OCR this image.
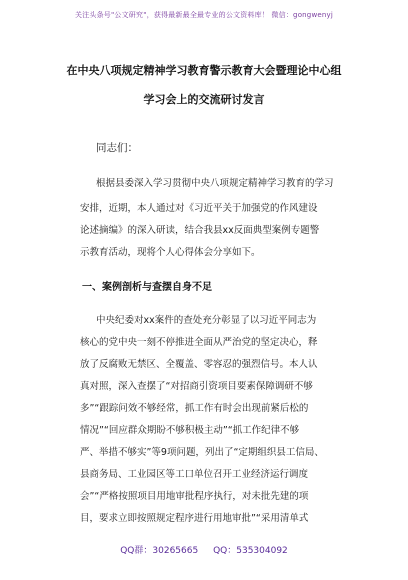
关注头条号"公文研究"，获得最新最全最专业的公文资料库！ 微信：gongwenyj
在中央八项规定精神学习教育警示教育大会暨理论中心组
学习会上的交流研讨发言
同志们：
根据县委深入学习贯彻中央八项规定精神学习教育的学习
安排，近期，本人通过对《习近平关于加强党的作风建设
论述摘编》的深入研读，结合我县xx反面典型案例专题警
示教育活动，现将个人心得体会分享如下。
一、案例剖析与查摆自身不足
中央纪委对xx案件的查处充分彰显了以习近平同志为
核心的党中央一刻不停推进全面从严治党的坚定决心，释
放了反腐败无禁区、全覆盖、零容忍的强烈信号。本人认
真对照，深入查摆了“对招商引资项目要素保障调研不够
多”“跟踪问效不够经常，抓工作有时会出现前紧后松的
情况”“回应群众期盼不够积极主动”“抓工作纪律不够
严、举措不够实”等9项问题，列出了“定期组织县工信局、
县商务局、工业园区等工口单位召开工业经济运行调度
会”“严格按照项目用地审批程序执行，对未批先建的项
目，要求立即按照规定程序进行用地审批”“采用清单式
QQ群：30265665 QQ：535304092
